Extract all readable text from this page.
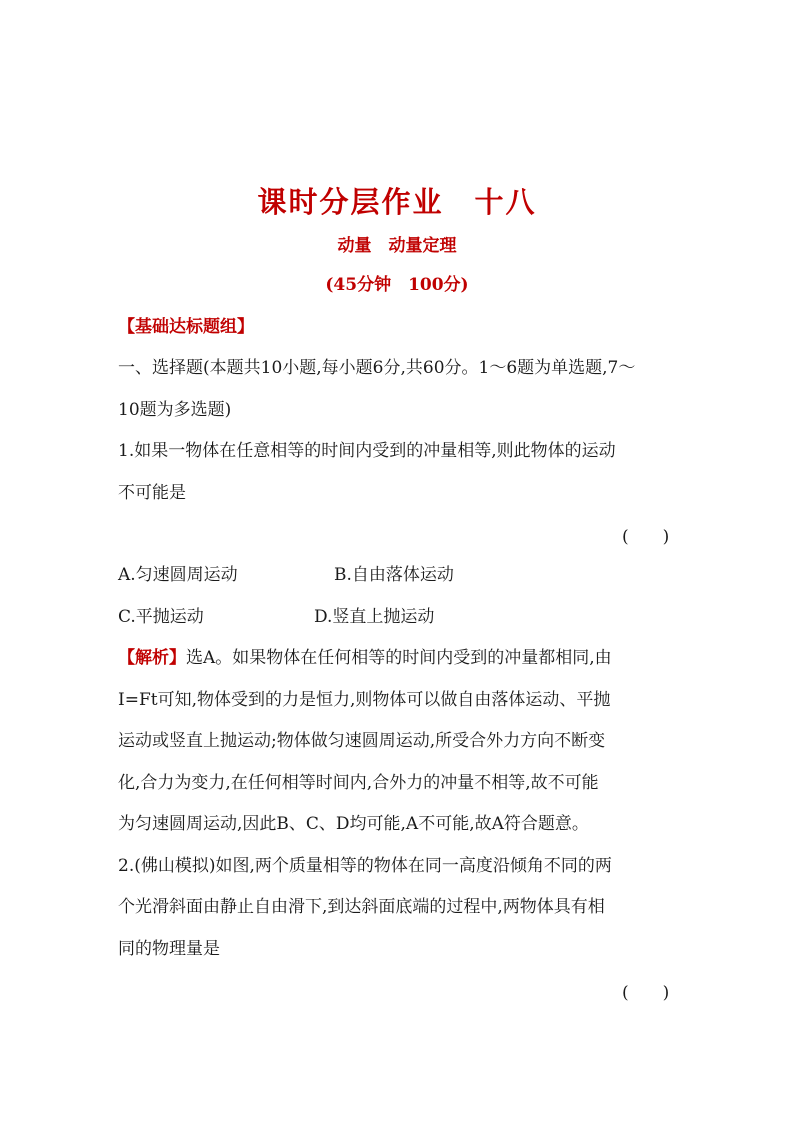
课时分层作业　十八
动量　动量定理
(45分钟　100分)
【基础达标题组】
一、选择题(本题共10小题,每小题6分,共60分。1～6题为单选题,7～
10题为多选题)
1.如果一物体在任意相等的时间内受到的冲量相等,则此物体的运动
不可能是
(　　)
A.匀速圆周运动	B.自由落体运动
C.平抛运动	D.竖直上抛运动
【解析】选A。如果物体在任何相等的时间内受到的冲量都相同,由
I=Ft可知,物体受到的力是恒力,则物体可以做自由落体运动、平抛
运动或竖直上抛运动;物体做匀速圆周运动,所受合外力方向不断变
化,合力为变力,在任何相等时间内,合外力的冲量不相等,故不可能
为匀速圆周运动,因此B、C、D均可能,A不可能,故A符合题意。
2.(佛山模拟)如图,两个质量相等的物体在同一高度沿倾角不同的两
个光滑斜面由静止自由滑下,到达斜面底端的过程中,两物体具有相
同的物理量是
(　　)
